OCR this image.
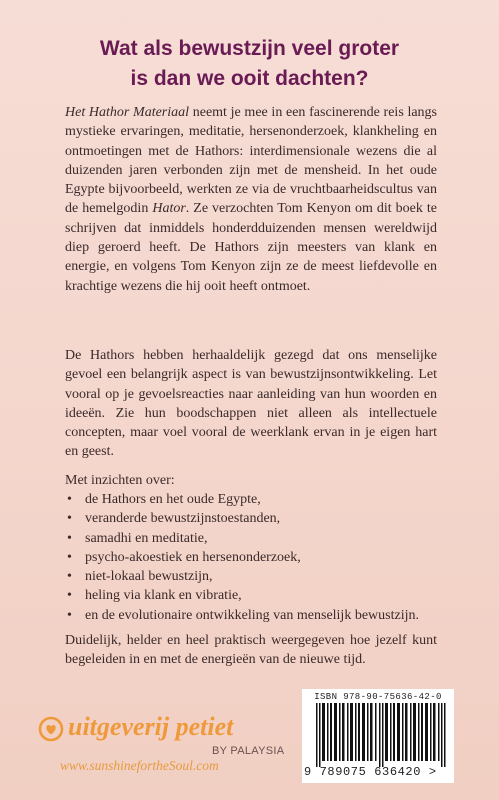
Wat als bewustzijn veel groter
is dan we ooit dachten?
Het Hathor Materiaal neemt je mee in een fascinerende reis langs mystieke ervaringen, meditatie, hersenonderzoek, klankheling en ontmoetingen met de Hathors: interdimensionale wezens die al duizenden jaren verbonden zijn met de mensheid. In het oude Egypte bijvoorbeeld, werkten ze via de vruchtbaarheidscultus van de hemelgodin Hator. Ze verzochten Tom Kenyon om dit boek te schrijven dat inmiddels honderdduizenden mensen wereldwijd diep geroerd heeft. De Hathors zijn meesters van klank en energie, en volgens Tom Kenyon zijn ze de meest liefdevolle en krachtige wezens die hij ooit heeft ontmoet.
De Hathors hebben herhaaldelijk gezegd dat ons menselijke gevoel een belangrijk aspect is van bewustzijnsontwikkeling. Let vooral op je gevoelsreacties naar aanleiding van hun woorden en ideeën. Zie hun boodschappen niet alleen als intellectuele concepten, maar voel vooral de weerklank ervan in je eigen hart en geest.
Met inzichten over:
• de Hathors en het oude Egypte,
• veranderde bewustzijnstoestanden,
• samadhi en meditatie,
• psycho-akoestiek en hersenonderzoek,
• niet-lokaal bewustzijn,
• heling via klank en vibratie,
• en de evolutionaire ontwikkeling van menselijk bewustzijn.
Duidelijk, helder en heel praktisch weergegeven hoe jezelf kunt begeleiden in en met de energieën van de nieuwe tijd.
uitgeverij petiet
BY PALAYSIA
www.sunshinefortheSoul.com
ISBN 978-90-75636-42-0
9 789075 636420 >
